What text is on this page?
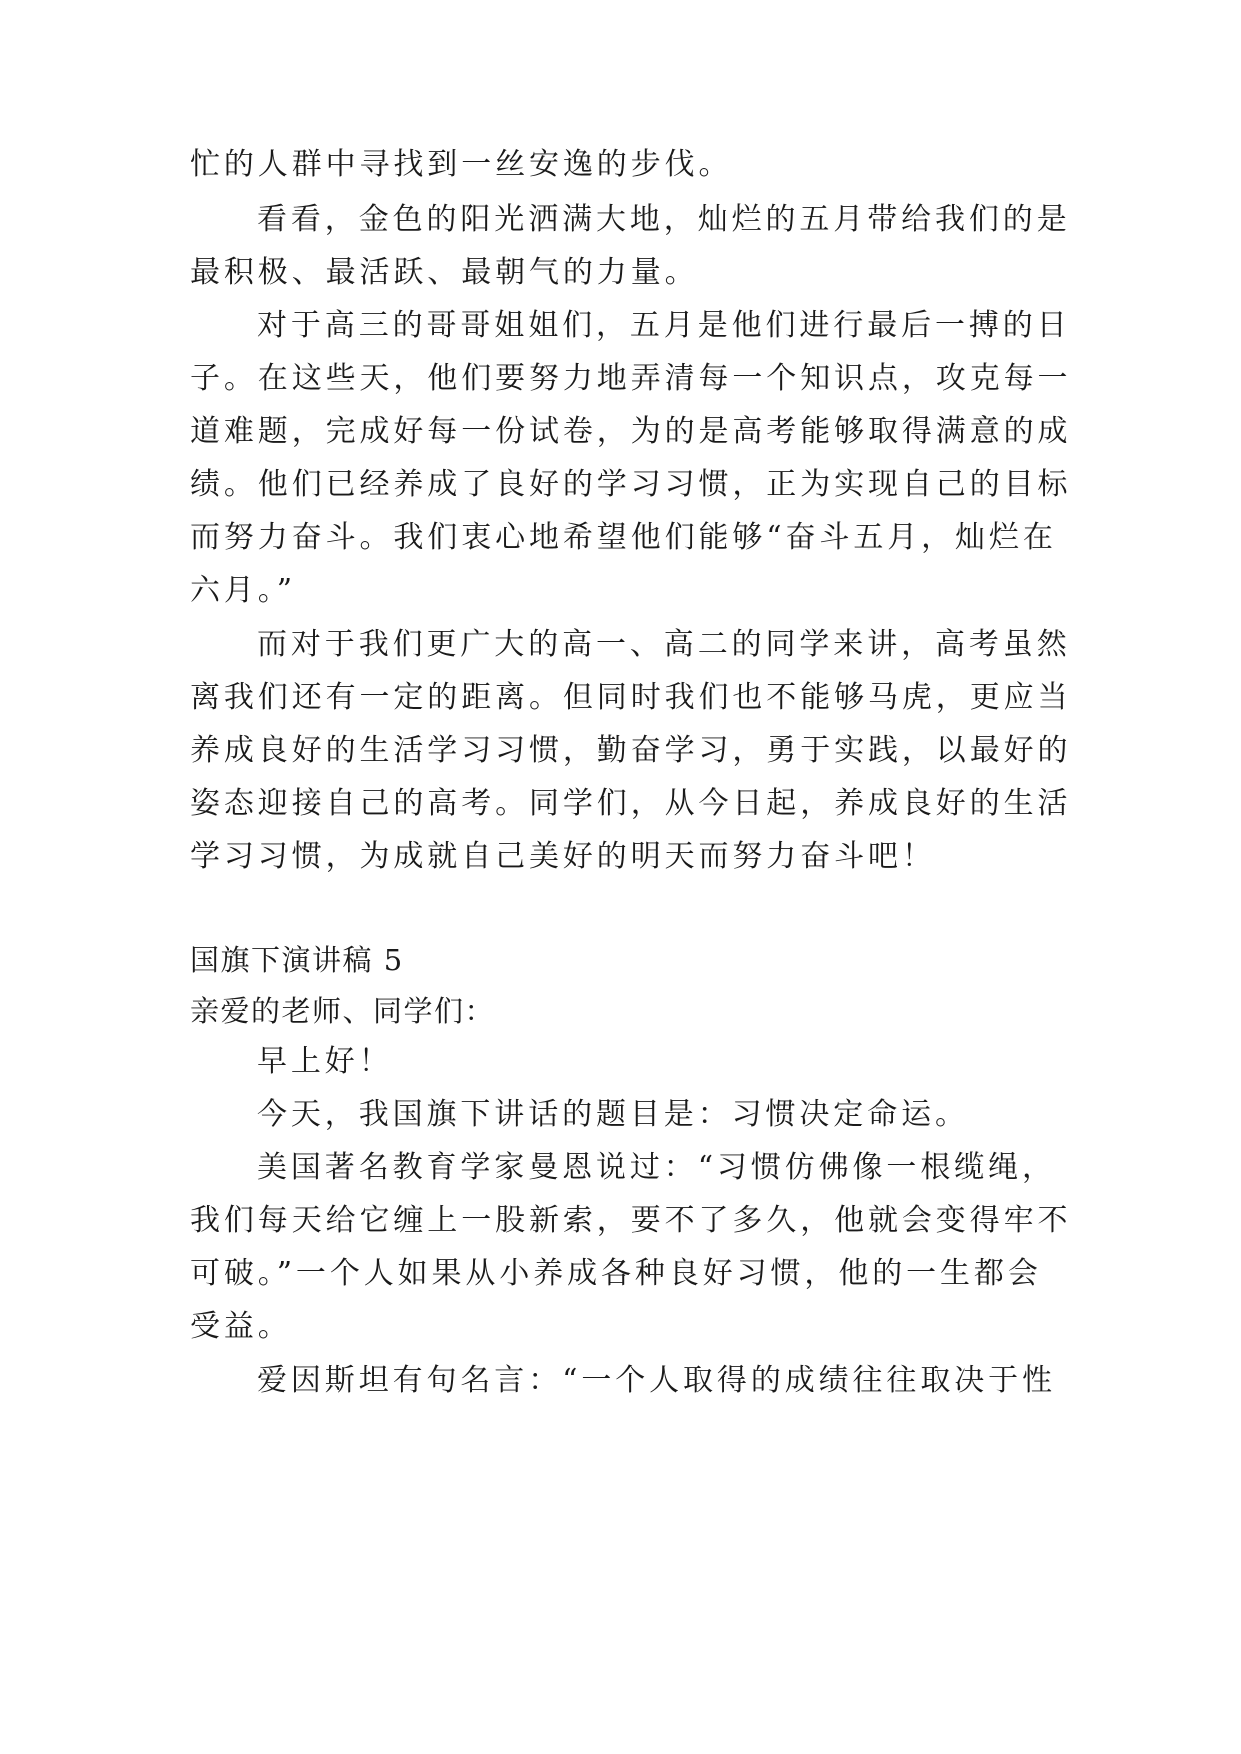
忙的人群中寻找到一丝安逸的步伐。
看看，金色的阳光洒满大地，灿烂的五月带给我们的是
最积极、最活跃、最朝气的力量。
对于高三的哥哥姐姐们，五月是他们进行最后一搏的日
子。在这些天，他们要努力地弄清每一个知识点，攻克每一
道难题，完成好每一份试卷，为的是高考能够取得满意的成
绩。他们已经养成了良好的学习习惯，正为实现自己的目标
而努力奋斗。我们衷心地希望他们能够“奋斗五月，灿烂在
六月。”
而对于我们更广大的高一、高二的同学来讲，高考虽然
离我们还有一定的距离。但同时我们也不能够马虎，更应当
养成良好的生活学习习惯，勤奋学习，勇于实践，以最好的
姿态迎接自己的高考。同学们，从今日起，养成良好的生活
学习习惯，为成就自己美好的明天而努力奋斗吧！
国旗下演讲稿 5
亲爱的老师、同学们：
早上好！
今天，我国旗下讲话的题目是：习惯决定命运。
美国著名教育学家曼恩说过：“习惯仿佛像一根缆绳，
我们每天给它缠上一股新索，要不了多久，他就会变得牢不
可破。”一个人如果从小养成各种良好习惯，他的一生都会
受益。
爱因斯坦有句名言：“一个人取得的成绩往往取决于性
